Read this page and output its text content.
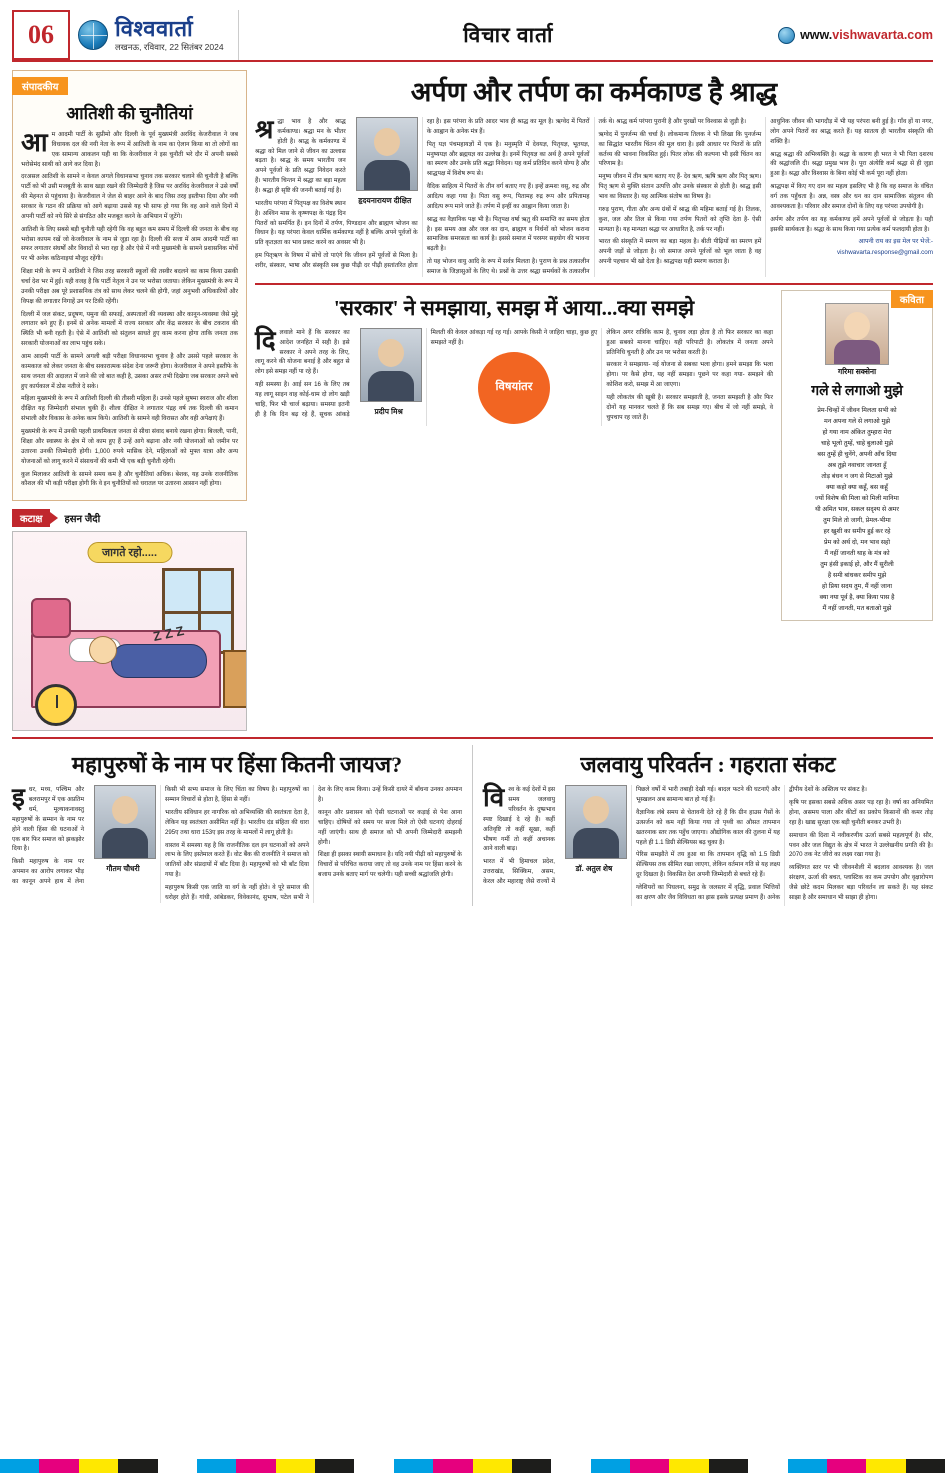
06	विश्ववार्ता
लखनऊ, रविवार, 22 सितंबर 2024
विचार वार्ता	www.vishwavarta.com
संपादकीय
आतिशी की चुनौतियां

आम आदमी पार्टी के सुप्रीमो और दिल्ली के पूर्व मुख्यमंत्री अरविंद केजरीवाल ने जब विधायक दल की नयी नेता के रूप में आतिशी के नाम का ऐलान किया था तो लोगों का एक सामान्य आकलन यही था कि केजरीवाल ने इस चुनौती भरे दौर में अपनी सबसे भरोसेमंद साथी को आगे कर दिया है।

दरअसल आतिशी के सामने न केवल अगले विधानसभा चुनाव तक सरकार चलाने की चुनौती है बल्कि पार्टी को भी उसी मजबूती के साथ खड़ा रखने की जिम्मेदारी है जिस पर अरविंद केजरीवाल ने उसे वर्षों की मेहनत से पहुंचाया है। केजरीवाल ने जेल से बाहर आने के बाद जिस तरह इस्तीफा दिया और नयी सरकार के गठन की प्रक्रिया को आगे बढ़ाया उससे यह भी साफ हो गया कि वह आने वाले दिनों में अपनी पार्टी को नये सिरे से संगठित और मजबूत करने के अभियान में जुटेंगे।

आतिशी के लिए सबसे बड़ी चुनौती यही रहेगी कि वह बहुत कम समय में दिल्ली की जनता के बीच वह भरोसा कायम रखें जो केजरीवाल के नाम से जुड़ा रहा है। दिल्ली की सत्ता में आम आदमी पार्टी का सफर लगातार संघर्षों और विवादों से भरा रहा है और ऐसे में नयी मुख्यमंत्री के सामने प्रशासनिक मोर्चे पर भी अनेक कठिनाइयां मौजूद रहेंगी।

शिक्षा मंत्री के रूप में आतिशी ने जिस तरह सरकारी स्कूलों की तस्वीर बदलने का काम किया उसकी चर्चा देश भर में हुई। यही वजह है कि पार्टी नेतृत्व ने उन पर भरोसा जताया। लेकिन मुख्यमंत्री के रूप में उनकी परीक्षा अब पूरे प्रशासनिक तंत्र को साथ लेकर चलने की होगी, जहां अनुभवी अधिकारियों और विपक्ष की लगातार निगाहें उन पर टिकी रहेंगी।

दिल्ली में जल संकट, प्रदूषण, यमुना की सफाई, अस्पतालों की व्यवस्था और कानून-व्यवस्था जैसे मुद्दे लगातार बने हुए हैं। इनमें से अनेक मामलों में राज्य सरकार और केंद्र सरकार के बीच टकराव की स्थिति भी बनी रहती है। ऐसे में आतिशी को संतुलन साधते हुए काम करना होगा ताकि जनता तक सरकारी योजनाओं का लाभ पहुंच सके।

आम आदमी पार्टी के सामने अगली बड़ी परीक्षा विधानसभा चुनाव है और उससे पहले सरकार के कामकाज को लेकर जनता के बीच सकारात्मक संदेश देना जरूरी होगा। केजरीवाल ने अपने इस्तीफे के साथ जनता की अदालत में जाने की जो बात कही है, उसका असर तभी दिखेगा जब सरकार अपने बचे हुए कार्यकाल में ठोस नतीजे दे सके।

महिला मुख्यमंत्री के रूप में आतिशी दिल्ली की तीसरी महिला हैं। उनसे पहले सुषमा स्वराज और शीला दीक्षित यह जिम्मेदारी संभाल चुकी हैं। शीला दीक्षित ने लगातार पंद्रह वर्ष तक दिल्ली की कमान संभाली और विकास के अनेक काम किये। आतिशी के सामने वही विरासत और वही अपेक्षाएं हैं।

मुख्यमंत्री के रूप में उनकी पहली प्राथमिकता जनता से सीधा संवाद बनाये रखना होगा। बिजली, पानी, शिक्षा और स्वास्थ्य के क्षेत्र में जो काम हुए हैं उन्हें आगे बढ़ाना और नयी योजनाओं को जमीन पर उतारना उनकी जिम्मेदारी होगी। 1,000 रुपये मासिक देने, महिलाओं को मुफ्त यात्रा और अन्य योजनाओं को लागू करने में संसाधनों की कमी भी एक बड़ी चुनौती रहेगी।

कुल मिलाकर आतिशी के सामने समय कम है और चुनौतियां अधिक। बेशक, यह उनके राजनीतिक कौशल की भी कड़ी परीक्षा होगी कि वे इन चुनौतियों को धरातल पर उतारना आसान नहीं होगा।

कटाक्ष	हसन जैदी
जागते रहो.....
Z Z Z
अर्पण और तर्पण का कर्मकाण्ड है श्राद्ध
हृदयनारायण दीक्षित

श्रद्धा भाव है और श्राद्ध कर्मकाण्ड। श्रद्धा मन के भीतर होती है। श्राद्ध के कर्मकाण्ड में श्रद्धा को मिल जाने से जीवन का उल्लास बढ़ता है। श्राद्ध के समय भारतीय जन अपने पूर्वजों के प्रति श्रद्धा निवेदन करते हैं। भारतीय चिन्तन में श्रद्धा का बड़ा महत्व है। श्रद्धा ही सृष्टि की जननी बताई गई है।

भारतीय परंपरा में पितृपक्ष का विशेष स्थान है। अश्विन मास के कृष्णपक्ष के पंद्रह दिन पितरों को समर्पित हैं। इन दिनों में तर्पण, पिण्डदान और ब्राह्मण भोजन का विधान है। यह परंपरा केवल धार्मिक कर्मकाण्ड नहीं है बल्कि अपने पूर्वजों के प्रति कृतज्ञता का भाव प्रकट करने का अवसर भी है।

हम पितृऋण के विषय में सोचें तो पाएंगे कि जीवन हमें पूर्वजों से मिला है। शरीर, संस्कार, भाषा और संस्कृति सब कुछ पीढ़ी दर पीढ़ी हस्तांतरित होता रहा है। इस परंपरा के प्रति आदर भाव ही श्राद्ध का मूल है। ऋग्वेद में पितरों के आह्वान के अनेक मंत्र हैं।

पितृ यज्ञ पंचमहायज्ञों में एक है। मनुस्मृति में देवयज्ञ, पितृयज्ञ, भूतयज्ञ, मनुष्ययज्ञ और ब्रह्मयज्ञ का उल्लेख है। इनमें पितृयज्ञ का अर्थ है अपने पूर्वजों का स्मरण और उनके प्रति श्रद्धा निवेदन। यह कर्म प्रतिदिन करने योग्य है और श्राद्धपक्ष में विशेष रूप से।

वैदिक साहित्य में पितरों के तीन वर्ग बताए गए हैं। इन्हें क्रमशः वसु, रुद्र और आदित्य कहा गया है। पिता वसु रूप, पितामह रुद्र रूप और प्रपितामह आदित्य रूप माने जाते हैं। तर्पण में इन्हीं का आह्वान किया जाता है।

श्राद्ध का वैज्ञानिक पक्ष भी है। पितृपक्ष वर्षा ऋतु की समाप्ति का समय होता है। इस समय अन्न और जल का दान, ब्राह्मण व निर्धनों को भोजन कराना सामाजिक समरसता का कार्य है। इससे समाज में परस्पर सहयोग की भावना बढ़ती है।

तो यह भोजन वायु आदि के रूप में सर्वत्र मिलता है। पुराण के प्रश्न तत्कालीन समाज के जिज्ञासुओं के लिए थे। प्रश्नों के उत्तर श्रद्धा समर्थकों के तत्कालीन तर्क थे। श्राद्ध कर्म परंपरा पुरानी है और पुरखों पर विश्वास से जुड़ी है।

ऋग्वेद में पुनर्जन्म की चर्चा है। लोकमान्य तिलक ने भी लिखा कि पुनर्जन्म का सिद्धांत भारतीय चिंतन की मूल धारा है। इसी आधार पर पितरों के प्रति कर्तव्य की भावना विकसित हुई। पितर लोक की कल्पना भी इसी चिंतन का परिणाम है।

मनुष्य जीवन में तीन ऋण बताए गए हैं- देव ऋण, ऋषि ऋण और पितृ ऋण। पितृ ऋण से मुक्ति संतान उत्पत्ति और उनके संस्कार से होती है। श्राद्ध इसी भाव का विस्तार है। यह आत्मिक संतोष का विषय है।

गरुड़ पुराण, गीता और अन्य ग्रंथों में श्राद्ध की महिमा बताई गई है। तिलक, कुश, जल और तिल से किया गया तर्पण पितरों को तृप्ति देता है- ऐसी मान्यता है। यह मान्यता श्रद्धा पर आधारित है, तर्क पर नहीं।

भारत की संस्कृति में स्मरण का बड़ा महत्व है। बीती पीढ़ियों का स्मरण हमें अपनी जड़ों से जोड़ता है। जो समाज अपने पूर्वजों को भूल जाता है वह अपनी पहचान भी खो देता है। श्राद्धपक्ष यही स्मरण कराता है।

आधुनिक जीवन की भागदौड़ में भी यह परंपरा बनी हुई है। गाँव हों या नगर, लोग अपने पितरों का श्राद्ध करते हैं। यह सातत्य ही भारतीय संस्कृति की शक्ति है।

श्राद्ध श्रद्धा की अभिव्यक्ति है। श्रद्धा के कारण ही भरत ने भी पिता दशरथ की श्रद्धांजलि दी। श्रद्धा प्रमुख भाव है। पूरा अंत्येष्टि कर्म श्रद्धा से ही जुड़ा हुआ है। श्रद्धा और विश्वास के बिना कोई भी कर्म पूरा नहीं होता।

श्राद्धपक्ष में किए गए दान का महत्व इसलिए भी है कि वह समाज के वंचित वर्ग तक पहुँचता है। अन्न, वस्त्र और धन का दान सामाजिक संतुलन की आवश्यकता है। परिवार और समाज दोनों के लिए यह परंपरा उपयोगी है।

अर्पण और तर्पण का यह कर्मकाण्ड हमें अपने पूर्वजों से जोड़ता है। यही इसकी सार्थकता है। श्रद्धा के साथ किया गया प्रत्येक कर्म फलदायी होता है।

आपनी राय का इस मेल पर भेजें:- vishwavarta.response@gmail.com

'सरकार' ने समझाया, समझ में आया...क्या समझे
प्रदीप मिश्र

दिलवाले माने हैं कि सरकार का आदेश जनहित में सही है। इसे सरकार ने अपने तरह के लिए, लागू करने की योजना बनाई है और बहुत से लोग इसे समझ नहीं पा रहे हैं।

यही समस्या है। आई सन 16 के लिए तब यह लागू साइन वाह कोई-धाम दो लोग खड़ी चाहि, फिर भी चार्ज बढ़ाया। समस्या इतनी ही है कि दिन बढ़ रहे हैं, सूचक आंकड़े मिलती की केवल आंकड़ा गई रह गई। आपके किसी ने जाहिरा चाहा, कुछ हुए समझते नहीं है।

विषयांतर

लेकिन अगर रात्रिकि काम है, चुनाव लड़ा होता है तो फिर सरकार का कहा हुआ सबको मानना चाहिए। यही परिपाटी है। लोकतंत्र में जनता अपने प्रतिनिधि चुनती है और उन पर भरोसा करती है।

सरकार ने समझाया- नई योजना से सबका भला होगा। हमने समझा कि भला होगा। पर कैसे होगा, यह नहीं समझा। पूछने पर कहा गया- समझने की कोशिश करो, समझ में आ जाएगा।

यही लोकतंत्र की खूबी है। सरकार समझाती है, जनता समझती है और फिर दोनों यह मानकर चलते हैं कि सब समझ गए। बीच में जो नहीं समझे, वे चुपचाप रह जाते हैं।

कविता
गरिमा सक्सेना
गले से लगाओ मुझे

प्रेम-चिन्हों में जीवन मिलता सभी को

मन अपना गले से लगाओ मुझे

हो गया नाम अंकित तुम्हारा मेरा

चाहे भूलो तुम्हें, चाहे बुलाओ मुझे

बस तुम्हें ही चुनेंगे, अपनी आँच दिया

अब तुझे नवाचार जानता हूँ

तोड़ बंधन न जग से मिटाओ मुझे

क्या कहो क्या कहूँ, बस कहूँ

ज्यों विशेष की मिला को मिली मानिमा

थी अमित भाव, सकल सदृश्य से अमर

तुम मिले तो जागी, प्रेमल-भीमा

हर खुशी का समीप हुई कर रहे

प्रेम को अर्थ दो, मन भाव सहो

मैं नहीं जानती थाह के मंत्र को

तुम हंसी इकाई हो, और मैं सुरीली

है समी बांधकर समीप मुझे

हो प्रिया सदय तुम, मैं नहीं जाना

क्या नया पूर्व है, क्या किया पास है

मैं नहीं जानती, मत बताओ मुझे

महापुरुषों के नाम पर हिंसा कितनी जायज?
गौतम चौधरी

इधर, मध्य, पश्चिम और बलरामपुर में एक अप्रतिम धर्म, मूल्याकनावस्तु महापुरुषों के सम्मान के नाम पर होने वाली हिंसा की घटनाओं ने एक बार फिर समाज को झकझोर दिया है।

किसी महापुरुष के नाम पर अपमान का आरोप लगाकर भीड़ का कानून अपने हाथ में लेना किसी भी सभ्य समाज के लिए चिंता का विषय है। महापुरुषों का सम्मान विचारों से होता है, हिंसा से नहीं।

भारतीय संविधान हर नागरिक को अभिव्यक्ति की स्वतंत्रता देता है, लेकिन यह स्वतंत्रता असीमित नहीं है। भारतीय दंड संहिता की धारा 295ए तथा धारा 153ए इस तरह के मामलों में लागू होती है।

वास्तव में समस्या यह है कि राजनीतिक दल इन घटनाओं को अपने लाभ के लिए इस्तेमाल करते हैं। वोट बैंक की राजनीति ने समाज को जातियों और संप्रदायों में बाँट दिया है। महापुरुषों को भी बाँट दिया गया है।

महापुरुष किसी एक जाति या वर्ग के नहीं होते। वे पूरे समाज की धरोहर होते हैं। गांधी, आंबेडकर, विवेकानंद, सुभाष, पटेल सभी ने देश के लिए काम किया। उन्हें किसी दायरे में बाँधना उनका अपमान है।

कानून और प्रशासन को ऐसी घटनाओं पर कड़ाई से पेश आना चाहिए। दोषियों को समय पर सजा मिले तो ऐसी घटनाएं दोहराई नहीं जाएंगी। साथ ही समाज को भी अपनी जिम्मेदारी समझनी होगी।

शिक्षा ही इसका स्थायी समाधान है। यदि नयी पीढ़ी को महापुरुषों के विचारों से परिचित कराया जाए तो वह उनके नाम पर हिंसा करने के बजाय उनके बताए मार्ग पर चलेगी। यही सच्ची श्रद्धांजलि होगी।

जलवायु परिवर्तन : गहराता संकट
डॉ. अतुल शेष

विश्व के कई देशों में इस समय जलवायु परिवर्तन के दुष्प्रभाव स्पष्ट दिखाई दे रहे हैं। कहीं अतिवृष्टि तो कहीं सूखा, कहीं भीषण गर्मी तो कहीं अचानक आने वाली बाढ़।

भारत में भी हिमाचल प्रदेश, उत्तराखंड, सिक्किम, असम, केरल और महाराष्ट्र जैसे राज्यों में पिछले वर्षों में भारी तबाही देखी गई। बादल फटने की घटनाएँ और भूस्खलन अब सामान्य बात हो गई हैं।

वैज्ञानिक लंबे समय से चेतावनी देते रहे हैं कि ग्रीन हाउस गैसों के उत्सर्जन को कम नहीं किया गया तो पृथ्वी का औसत तापमान खतरनाक स्तर तक पहुँच जाएगा। औद्योगिक काल की तुलना में यह पहले ही 1.1 डिग्री सेल्सियस बढ़ चुका है।

पेरिस समझौते में तय हुआ था कि तापमान वृद्धि को 1.5 डिग्री सेल्सियस तक सीमित रखा जाएगा, लेकिन वर्तमान गति से यह लक्ष्य दूर दिखता है। विकसित देश अपनी जिम्मेदारी से बचते रहे हैं।

ग्लेशियरों का पिघलना, समुद्र के जलस्तर में वृद्धि, प्रवाल भित्तियों का क्षरण और जैव विविधता का ह्रास इसके प्रत्यक्ष प्रमाण हैं। अनेक द्वीपीय देशों के अस्तित्व पर संकट है।

कृषि पर इसका सबसे अधिक असर पड़ रहा है। वर्षा का अनियमित होना, असमय पाला और कीटों का प्रकोप किसानों की कमर तोड़ रहा है। खाद्य सुरक्षा एक बड़ी चुनौती बनकर उभरी है।

समाधान की दिशा में नवीकरणीय ऊर्जा सबसे महत्वपूर्ण है। सौर, पवन और जल विद्युत के क्षेत्र में भारत ने उल्लेखनीय प्रगति की है। 2070 तक नेट जीरो का लक्ष्य रखा गया है।

व्यक्तिगत स्तर पर भी जीवनशैली में बदलाव आवश्यक है। जल संरक्षण, ऊर्जा की बचत, प्लास्टिक का कम उपयोग और वृक्षारोपण जैसे छोटे कदम मिलकर बड़ा परिवर्तन ला सकते हैं। यह संकट साझा है और समाधान भी साझा ही होगा।
